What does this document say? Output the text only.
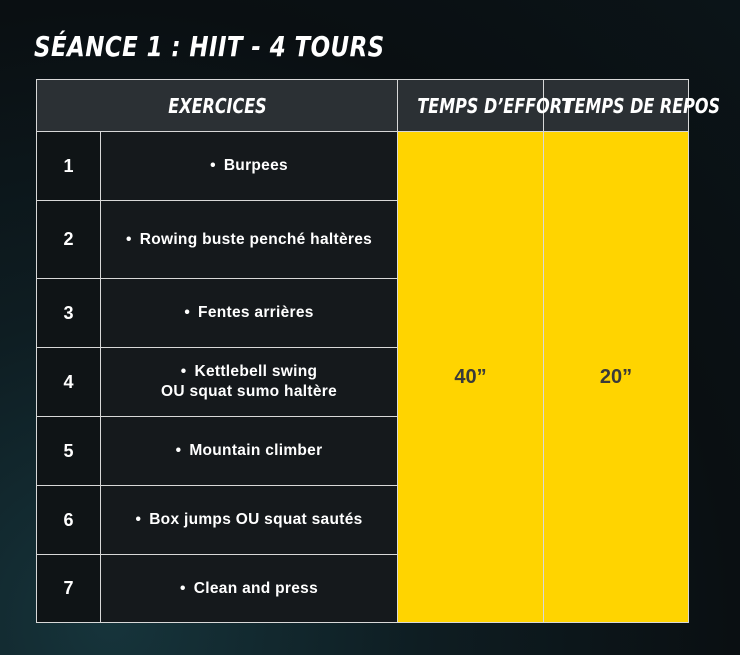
SÉANCE 1 : HIIT - 4 TOURS
EXERCICES		TEMPS D’EFFORT	TEMPS DE REPOS
1	• Burpees	40”	20”
2	• Rowing buste penché haltères		
3	• Fentes arrières		
4	• Kettlebell swing
OU squat sumo haltère		
5	• Mountain climber		
6	• Box jumps OU squat sautés		
7	• Clean and press		
